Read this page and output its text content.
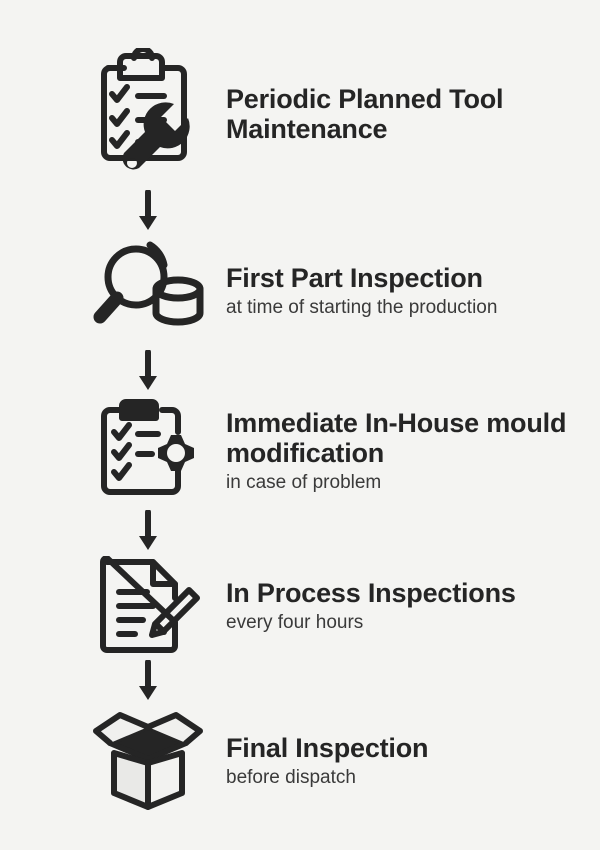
Periodic Planned Tool Maintenance
First Part Inspection
at time of starting the production
Immediate In-House mould modification
in case of problem
In Process Inspections
every four hours
Final Inspection
before dispatch
